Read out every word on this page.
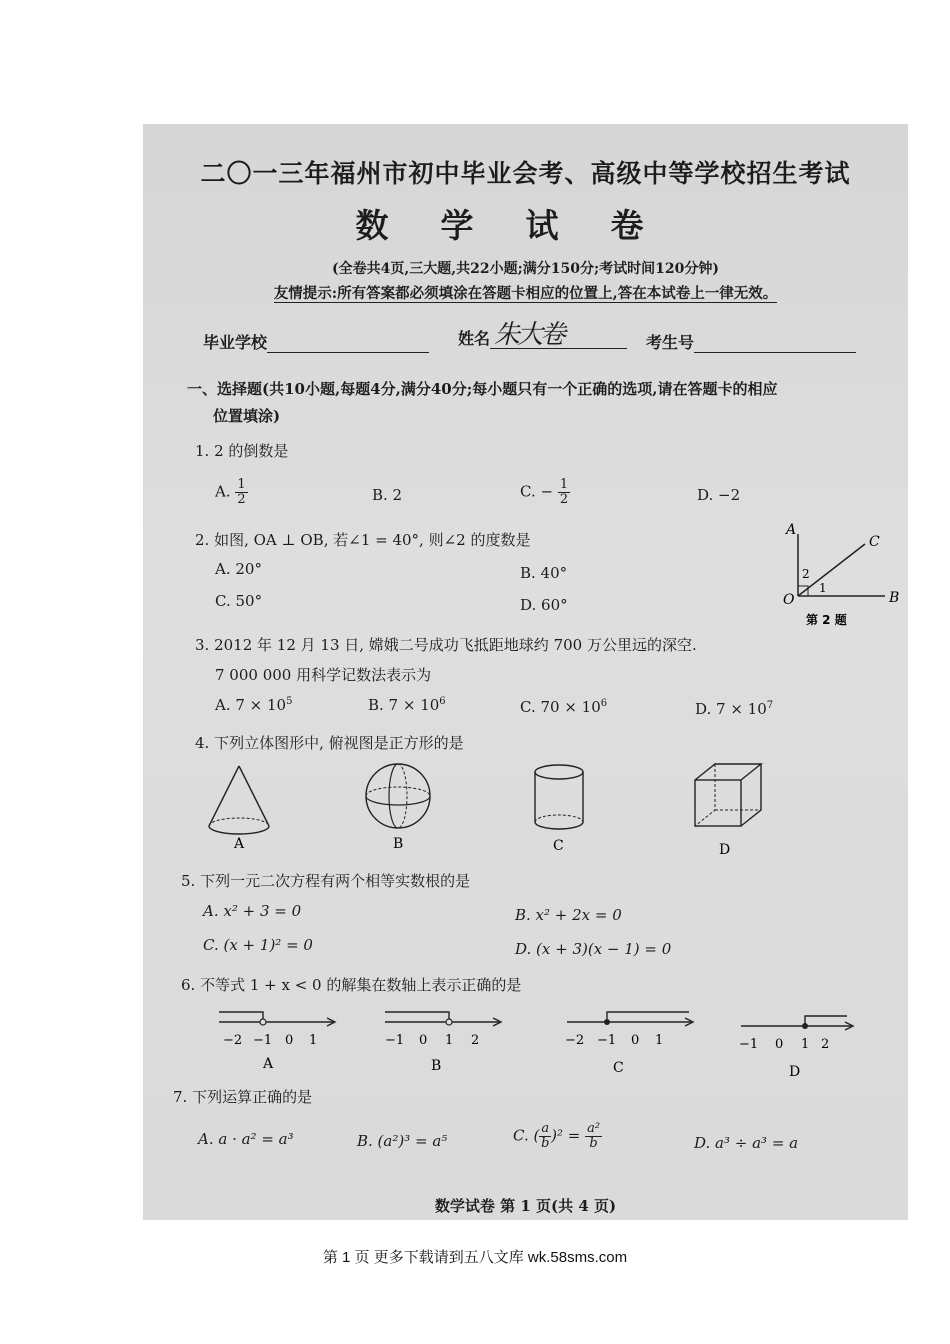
二〇一三年福州市初中毕业会考、高级中等学校招生考试
数学试卷
(全卷共4页,三大题,共22小题;满分150分;考试时间120分钟)
友情提示:所有答案都必须填涂在答题卡相应的位置上,答在本试卷上一律无效。
毕业学校	姓名 朱大卷	考生号
一、选择题(共10小题,每题4分,满分40分;每小题只有一个正确的选项,请在答题卡的相应
位置填涂)
1. 2 的倒数是
A. $\frac{1}{2}$	B. 2	C. − $\frac{1}{2}$	D. −2
2. 如图, OA ⊥ OB, 若∠1 = 40°, 则∠2 的度数是
A. 20°	B. 40°
C. 50°	D. 60°
A
C
B
O
2
1
第 2 题
3. 2012 年 12 月 13 日, 嫦娥二号成功飞抵距地球约 700 万公里远的深空.
7 000 000 用科学记数法表示为
A. $7 \times 10^5$	B. $7 \times 10^6$	C. $70 \times 10^6$	D. $7 \times 10^7$
4. 下列立体图形中, 俯视图是正方形的是
A	B	C	D
5. 下列一元二次方程有两个相等实数根的是
A. x² + 3 = 0	B. x² + 2x = 0
C. (x + 1)² = 0	D. (x + 3)(x − 1) = 0
6. 不等式 1 + x < 0 的解集在数轴上表示正确的是
−2 −1 0 1
A
−1 0 1 2
B
−2 −1 0 1
C
−1 0 1 2
D
7. 下列运算正确的是
A. a · a² = a³	B. (a²)³ = a⁵	C. ( $\frac{a}{b} )^2 = \frac{\text{a²}}{b}$	D. a³ ÷ a³ = a
数学试卷 第 1 页(共 4 页)
第 1 页 更多下载请到五八文库 wk.58sms.com
